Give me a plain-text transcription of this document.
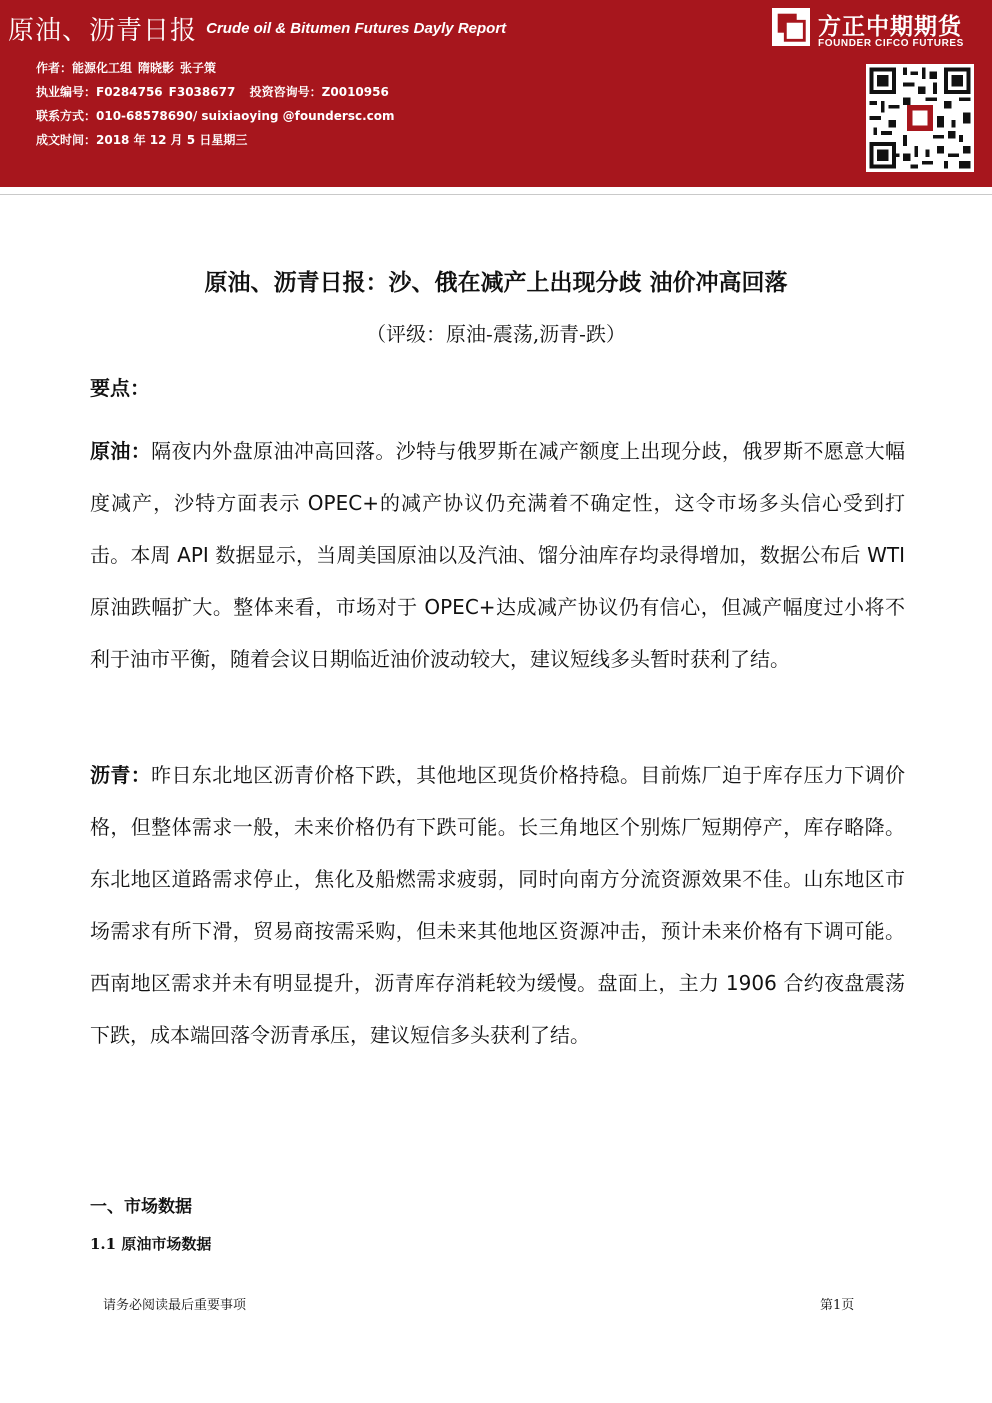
原油、沥青日报 Crude oil & Bitumen Futures Dayly Report
作者：能源化工组 隋晓影 张子策
执业编号：F0284756 F3038677 投资咨询号：Z0010956
联系方式：010-68578690/ suixiaoying @foundersc.com
成文时间：2018 年 12 月 5 日星期三
方正中期期货
FOUNDER CIFCO FUTURES
原油、沥青日报：沙、俄在减产上出现分歧 油价冲高回落
（评级：原油-震荡,沥青-跌）
要点：
原油：隔夜内外盘原油冲高回落。沙特与俄罗斯在减产额度上出现分歧，俄罗斯不愿意大幅度减产，沙特方面表示 OPEC+的减产协议仍充满着不确定性，这令市场多头信心受到打击。本周 API 数据显示，当周美国原油以及汽油、馏分油库存均录得增加，数据公布后 WTI 原油跌幅扩大。整体来看，市场对于 OPEC+达成减产协议仍有信心，但减产幅度过小将不利于油市平衡，随着会议日期临近油价波动较大，建议短线多头暂时获利了结。
沥青：昨日东北地区沥青价格下跌，其他地区现货价格持稳。目前炼厂迫于库存压力下调价格，但整体需求一般，未来价格仍有下跌可能。长三角地区个别炼厂短期停产，库存略降。东北地区道路需求停止，焦化及船燃需求疲弱，同时向南方分流资源效果不佳。山东地区市场需求有所下滑，贸易商按需采购，但未来其他地区资源冲击，预计未来价格有下调可能。西南地区需求并未有明显提升，沥青库存消耗较为缓慢。盘面上，主力 1906 合约夜盘震荡下跌，成本端回落令沥青承压，建议短信多头获利了结。
一、市场数据
1.1 原油市场数据
请务必阅读最后重要事项	第1页
